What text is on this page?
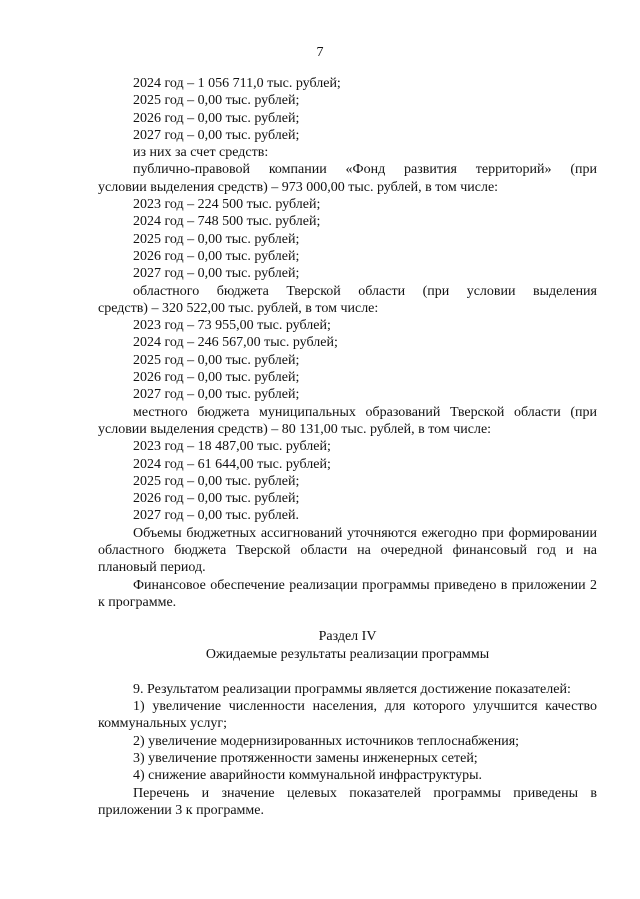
7
2024 год – 1 056 711,0 тыс. рублей;
2025 год – 0,00 тыс. рублей;
2026 год – 0,00 тыс. рублей;
2027 год – 0,00 тыс. рублей;
из них за счет средств:
публично-правовой компании «Фонд развития территорий» (при
условии выделения средств) – 973 000,00 тыс. рублей, в том числе:
2023 год – 224 500 тыс. рублей;
2024 год – 748 500 тыс. рублей;
2025 год – 0,00 тыс. рублей;
2026 год – 0,00 тыс. рублей;
2027 год – 0,00 тыс. рублей;
областного бюджета Тверской области (при условии выделения
средств) – 320 522,00 тыс. рублей, в том числе:
2023 год – 73 955,00 тыс. рублей;
2024 год – 246 567,00 тыс. рублей;
2025 год – 0,00 тыс. рублей;
2026 год – 0,00 тыс. рублей;
2027 год – 0,00 тыс. рублей;
местного бюджета муниципальных образований Тверской области (при
условии выделения средств) – 80 131,00 тыс. рублей, в том числе:
2023 год – 18 487,00 тыс. рублей;
2024 год – 61 644,00 тыс. рублей;
2025 год – 0,00 тыс. рублей;
2026 год – 0,00 тыс. рублей;
2027 год – 0,00 тыс. рублей.
Объемы бюджетных ассигнований уточняются ежегодно при формировании областного бюджета Тверской области на очередной финансовый год и на плановый период.
Финансовое обеспечение реализации программы приведено в приложении 2 к программе.
Раздел IV
Ожидаемые результаты реализации программы
9. Результатом реализации программы является достижение показателей:
1) увеличение численности населения, для которого улучшится качество коммунальных услуг;
2) увеличение модернизированных источников теплоснабжения;
3) увеличение протяженности замены инженерных сетей;
4) снижение аварийности коммунальной инфраструктуры.
Перечень и значение целевых показателей программы приведены в приложении 3 к программе.
